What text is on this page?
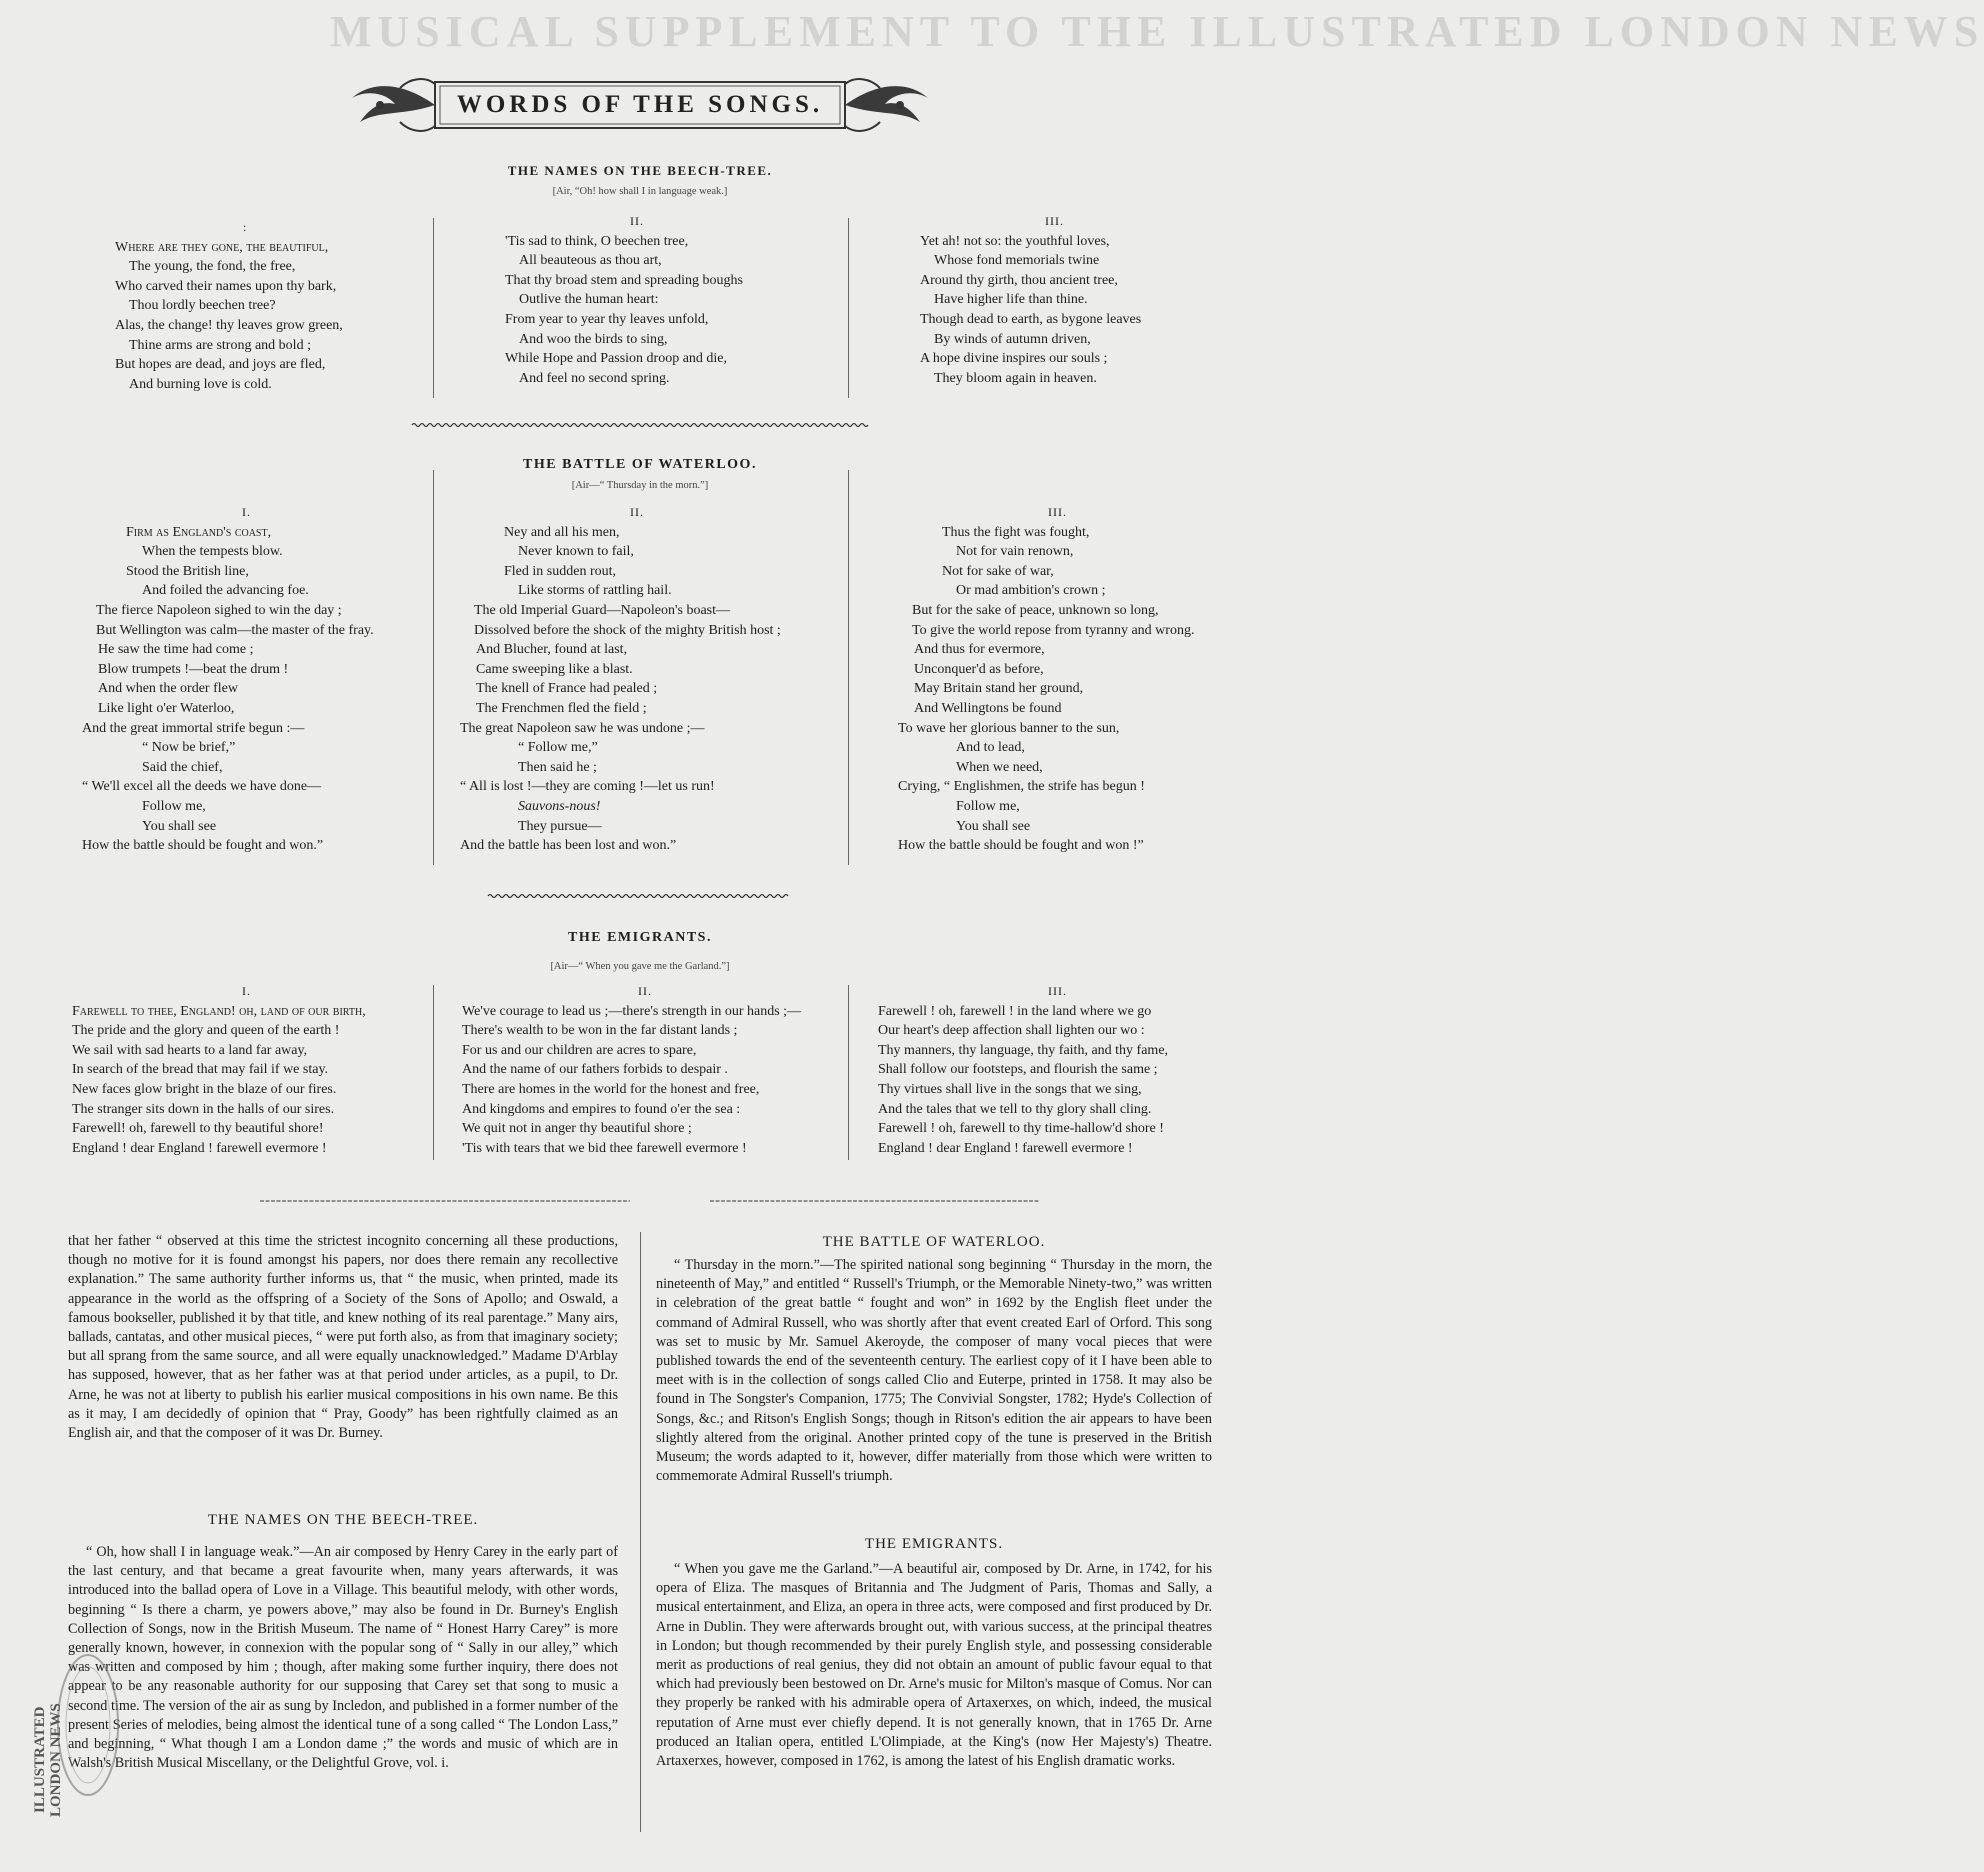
MUSICAL SUPPLEMENT TO THE ILLUSTRATED LONDON NEWS
WORDS OF THE SONGS.
THE NAMES ON THE BEECH-TREE.
[Air, “Oh! how shall I in language weak.]
:
Where are they gone, the beautiful,
The young, the fond, the free,
Who carved their names upon thy bark,
Thou lordly beechen tree?
Alas, the change! thy leaves grow green,
Thine arms are strong and bold ;
But hopes are dead, and joys are fled,
And burning love is cold.
II.
'Tis sad to think, O beechen tree,
All beauteous as thou art,
That thy broad stem and spreading boughs
Outlive the human heart:
From year to year thy leaves unfold,
And woo the birds to sing,
While Hope and Passion droop and die,
And feel no second spring.
III.
Yet ah! not so: the youthful loves,
Whose fond memorials twine
Around thy girth, thou ancient tree,
Have higher life than thine.
Though dead to earth, as bygone leaves
By winds of autumn driven,
A hope divine inspires our souls ;
They bloom again in heaven.
THE BATTLE OF WATERLOO.
[Air—“ Thursday in the morn.”]
I.
Firm as England's coast,
When the tempests blow.
Stood the British line,
And foiled the advancing foe.
The fierce Napoleon sighed to win the day ;
But Wellington was calm—the master of the fray.
He saw the time had come ;
Blow trumpets !—beat the drum !
And when the order flew
Like light o'er Waterloo,
And the great immortal strife begun :—
“ Now be brief,”
Said the chief,
“ We'll excel all the deeds we have done—
Follow me,
You shall see
How the battle should be fought and won.”
II.
Ney and all his men,
Never known to fail,
Fled in sudden rout,
Like storms of rattling hail.
The old Imperial Guard—Napoleon's boast—
Dissolved before the shock of the mighty British host ;
And Blucher, found at last,
Came sweeping like a blast.
The knell of France had pealed ;
The Frenchmen fled the field ;
The great Napoleon saw he was undone ;—
“ Follow me,”
Then said he ;
“ All is lost !—they are coming !—let us run!
Sauvons-nous!
They pursue—
And the battle has been lost and won.”
III.
Thus the fight was fought,
Not for vain renown,
Not for sake of war,
Or mad ambition's crown ;
But for the sake of peace, unknown so long,
To give the world repose from tyranny and wrong.
And thus for evermore,
Unconquer'd as before,
May Britain stand her ground,
And Wellingtons be found
To wave her glorious banner to the sun,
And to lead,
When we need,
Crying, “ Englishmen, the strife has begun !
Follow me,
You shall see
How the battle should be fought and won !”
THE EMIGRANTS.
[Air—“ When you gave me the Garland.”]
I.
Farewell to thee, England! oh, land of our birth,
The pride and the glory and queen of the earth !
We sail with sad hearts to a land far away,
In search of the bread that may fail if we stay.
New faces glow bright in the blaze of our fires.
The stranger sits down in the halls of our sires.
Farewell! oh, farewell to thy beautiful shore!
England ! dear England ! farewell evermore !
II.
We've courage to lead us ;—there's strength in our hands ;—
There's wealth to be won in the far distant lands ;
For us and our children are acres to spare,
And the name of our fathers forbids to despair .
There are homes in the world for the honest and free,
And kingdoms and empires to found o'er the sea :
We quit not in anger thy beautiful shore ;
'Tis with tears that we bid thee farewell evermore !
III.
Farewell ! oh, farewell ! in the land where we go
Our heart's deep affection shall lighten our wo :
Thy manners, thy language, thy faith, and thy fame,
Shall follow our footsteps, and flourish the same ;
Thy virtues shall live in the songs that we sing,
And the tales that we tell to thy glory shall cling.
Farewell ! oh, farewell to thy time-hallow'd shore !
England ! dear England ! farewell evermore !

that her father “ observed at this time the strictest incognito concerning all these productions, though no motive for it is found amongst his papers, nor does there remain any recollective explanation.” The same authority further informs us, that “ the music, when printed, made its appearance in the world as the offspring of a Society of the Sons of Apollo; and Oswald, a famous bookseller, published it by that title, and knew nothing of its real parentage.” Many airs, ballads, cantatas, and other musical pieces, “ were put forth also, as from that imaginary society; but all sprang from the same source, and all were equally unacknowledged.” Madame D'Arblay has supposed, however, that as her father was at that period under articles, as a pupil, to Dr. Arne, he was not at liberty to publish his earlier musical compositions in his own name. Be this as it may, I am decidedly of opinion that “ Pray, Goody” has been rightfully claimed as an English air, and that the composer of it was Dr. Burney.

THE NAMES ON THE BEECH-TREE.

“ Oh, how shall I in language weak.”—An air composed by Henry Carey in the early part of the last century, and that became a great favourite when, many years afterwards, it was introduced into the ballad opera of Love in a Village. This beautiful melody, with other words, beginning “ Is there a charm, ye powers above,” may also be found in Dr. Burney's English Collection of Songs, now in the British Museum. The name of “ Honest Harry Carey” is more generally known, however, in connexion with the popular song of “ Sally in our alley,” which was written and composed by him ; though, after making some further inquiry, there does not appear to be any reasonable authority for our supposing that Carey set that song to music a second time. The version of the air as sung by Incledon, and published in a former number of the present Series of melodies, being almost the identical tune of a song called “ The London Lass,” and beginning, “ What though I am a London dame ;” the words and music of which are in Walsh's British Musical Miscellany, or the Delightful Grove, vol. i.

THE BATTLE OF WATERLOO.

“ Thursday in the morn.”—The spirited national song beginning “ Thursday in the morn, the nineteenth of May,” and entitled “ Russell's Triumph, or the Memorable Ninety-two,” was written in celebration of the great battle “ fought and won” in 1692 by the English fleet under the command of Admiral Russell, who was shortly after that event created Earl of Orford. This song was set to music by Mr. Samuel Akeroyde, the composer of many vocal pieces that were published towards the end of the seventeenth century. The earliest copy of it I have been able to meet with is in the collection of songs called Clio and Euterpe, printed in 1758. It may also be found in The Songster's Companion, 1775; The Convivial Songster, 1782; Hyde's Collection of Songs, &c.; and Ritson's English Songs; though in Ritson's edition the air appears to have been slightly altered from the original. Another printed copy of the tune is preserved in the British Museum; the words adapted to it, however, differ materially from those which were written to commemorate Admiral Russell's triumph.

THE EMIGRANTS.

“ When you gave me the Garland.”—A beautiful air, composed by Dr. Arne, in 1742, for his opera of Eliza. The masques of Britannia and The Judgment of Paris, Thomas and Sally, a musical entertainment, and Eliza, an opera in three acts, were composed and first produced by Dr. Arne in Dublin. They were afterwards brought out, with various success, at the principal theatres in London; but though recommended by their purely English style, and possessing considerable merit as productions of real genius, they did not obtain an amount of public favour equal to that which had previously been bestowed on Dr. Arne's music for Milton's masque of Comus. Nor can they properly be ranked with his admirable opera of Artaxerxes, on which, indeed, the musical reputation of Arne must ever chiefly depend. It is not generally known, that in 1765 Dr. Arne produced an Italian opera, entitled L'Olimpiade, at the King's (now Her Majesty's) Theatre. Artaxerxes, however, composed in 1762, is among the latest of his English dramatic works.

ILLUSTRATED LONDON NEWS
